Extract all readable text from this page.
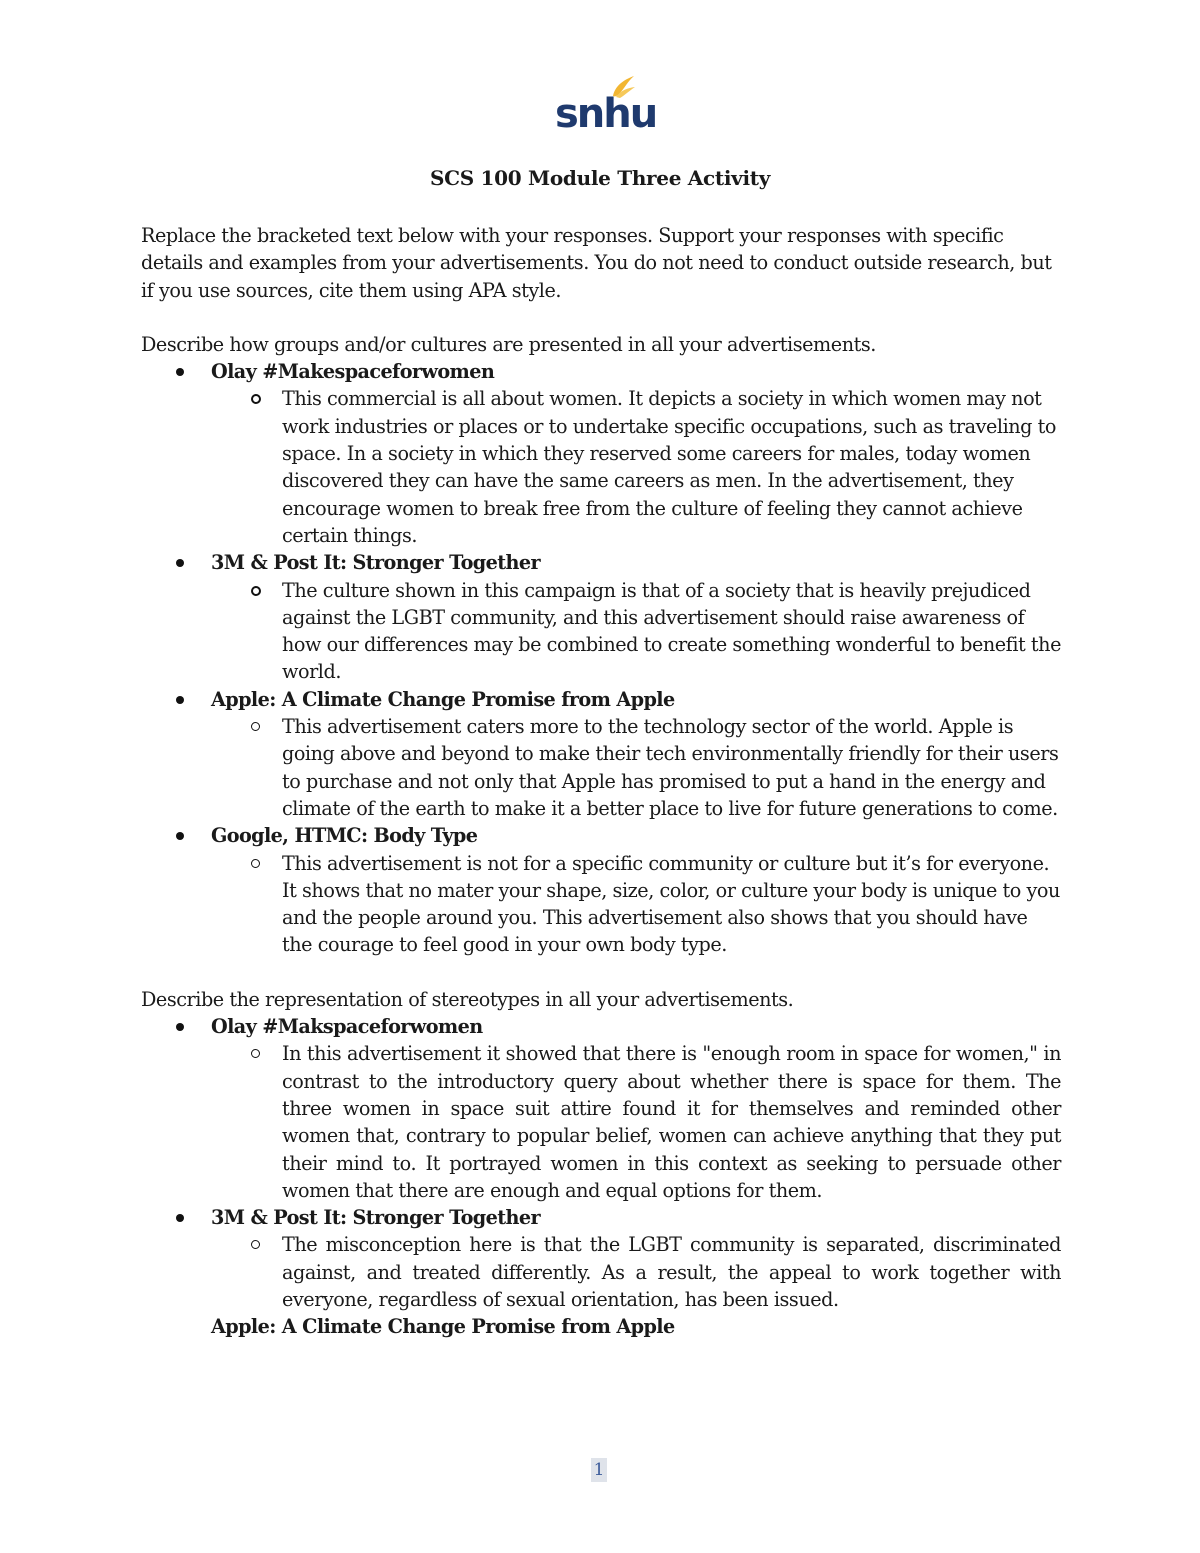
snhu
SCS 100 Module Three Activity

Replace the bracketed text below with your responses. Support your responses with specific details and examples from your advertisements. You do not need to conduct outside research, but if you use sources, cite them using APA style.

Describe how groups and/or cultures are presented in all your advertisements.

Olay #Makespaceforwomen
This commercial is all about women. It depicts a society in which women may not work industries or places or to undertake specific occupations, such as traveling to space. In a society in which they reserved some careers for males, today women discovered they can have the same careers as men. In the advertisement, they encourage women to break free from the culture of feeling they cannot achieve certain things.
3M & Post It: Stronger Together
The culture shown in this campaign is that of a society that is heavily prejudiced against the LGBT community, and this advertisement should raise awareness of how our differences may be combined to create something wonderful to benefit the world.
Apple: A Climate Change Promise from Apple
This advertisement caters more to the technology sector of the world. Apple is going above and beyond to make their tech environmentally friendly for their users to purchase and not only that Apple has promised to put a hand in the energy and climate of the earth to make it a better place to live for future generations to come.
Google, HTMC: Body Type
This advertisement is not for a specific community or culture but it’s for everyone. It shows that no mater your shape, size, color, or culture your body is unique to you and the people around you. This advertisement also shows that you should have the courage to feel good in your own body type.

Describe the representation of stereotypes in all your advertisements.

Olay #Makspaceforwomen
In this advertisement it showed that there is "enough room in space for women," in contrast to the introductory query about whether there is space for them. The three women in space suit attire found it for themselves and reminded other women that, contrary to popular belief, women can achieve anything that they put their mind to. It portrayed women in this context as seeking to persuade other women that there are enough and equal options for them.
3M & Post It: Stronger Together
The misconception here is that the LGBT community is separated, discriminated against, and treated differently. As a result, the appeal to work together with everyone, regardless of sexual orientation, has been issued.
Apple: A Climate Change Promise from Apple
1
